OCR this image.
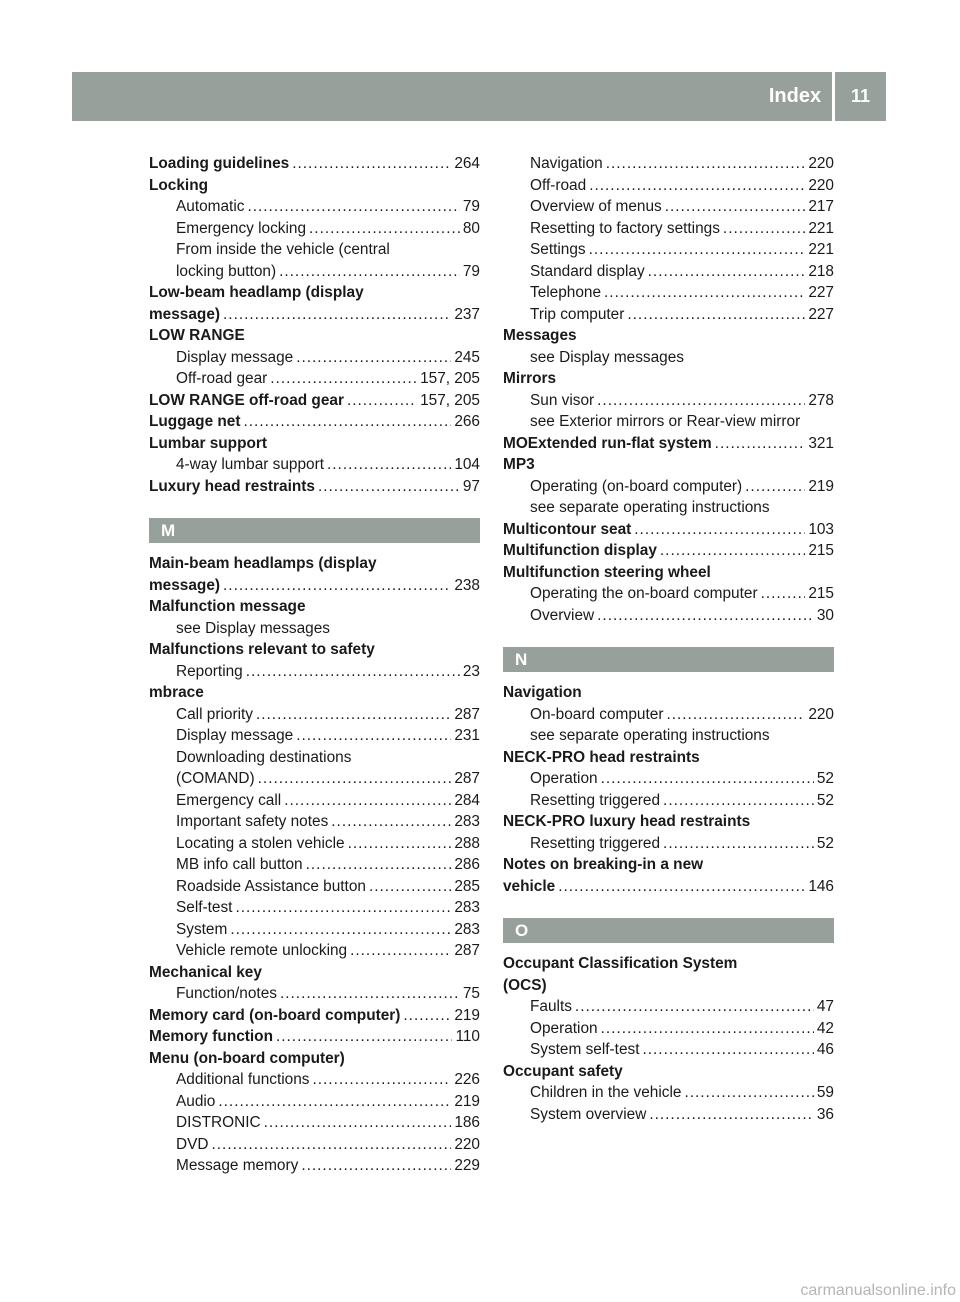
Index	11
Loading guidelines .....	264
Locking
Automatic .....	79
Emergency locking .....	80
From inside the vehicle (central
locking button) .....	79
Low-beam headlamp (display
message) .....	237
LOW RANGE
Display message .....	245
Off-road gear .....	157, 205
LOW RANGE off-road gear .....	157, 205
Luggage net .....	266
Lumbar support
4-way lumbar support .....	104
Luxury head restraints .....	97
M
Main-beam headlamps (display
message) .....	238
Malfunction message
see Display messages
Malfunctions relevant to safety
Reporting .....	23
mbrace
Call priority .....	287
Display message .....	231
Downloading destinations
(COMAND) .....	287
Emergency call .....	284
Important safety notes .....	283
Locating a stolen vehicle .....	288
MB info call button .....	286
Roadside Assistance button .....	285
Self-test .....	283
System .....	283
Vehicle remote unlocking .....	287
Mechanical key
Function/notes .....	75
Memory card (on-board computer) .....	219
Memory function .....	110
Menu (on-board computer)
Additional functions .....	226
Audio .....	219
DISTRONIC .....	186
DVD .....	220
Message memory .....	229
Navigation .....	220
Off-road .....	220
Overview of menus .....	217
Resetting to factory settings .....	221
Settings .....	221
Standard display .....	218
Telephone .....	227
Trip computer .....	227
Messages
see Display messages
Mirrors
Sun visor .....	278
see Exterior mirrors or Rear-view mirror
MOExtended run-flat system .....	321
MP3
Operating (on-board computer) .....	219
see separate operating instructions
Multicontour seat .....	103
Multifunction display .....	215
Multifunction steering wheel
Operating the on-board computer .....	215
Overview .....	30
N
Navigation
On-board computer .....	220
see separate operating instructions
NECK-PRO head restraints
Operation .....	52
Resetting triggered .....	52
NECK-PRO luxury head restraints
Resetting triggered .....	52
Notes on breaking-in a new
vehicle .....	146
O
Occupant Classification System
(OCS)
Faults .....	47
Operation .....	42
System self-test .....	46
Occupant safety
Children in the vehicle .....	59
System overview .....	36
carmanualsonline.info
